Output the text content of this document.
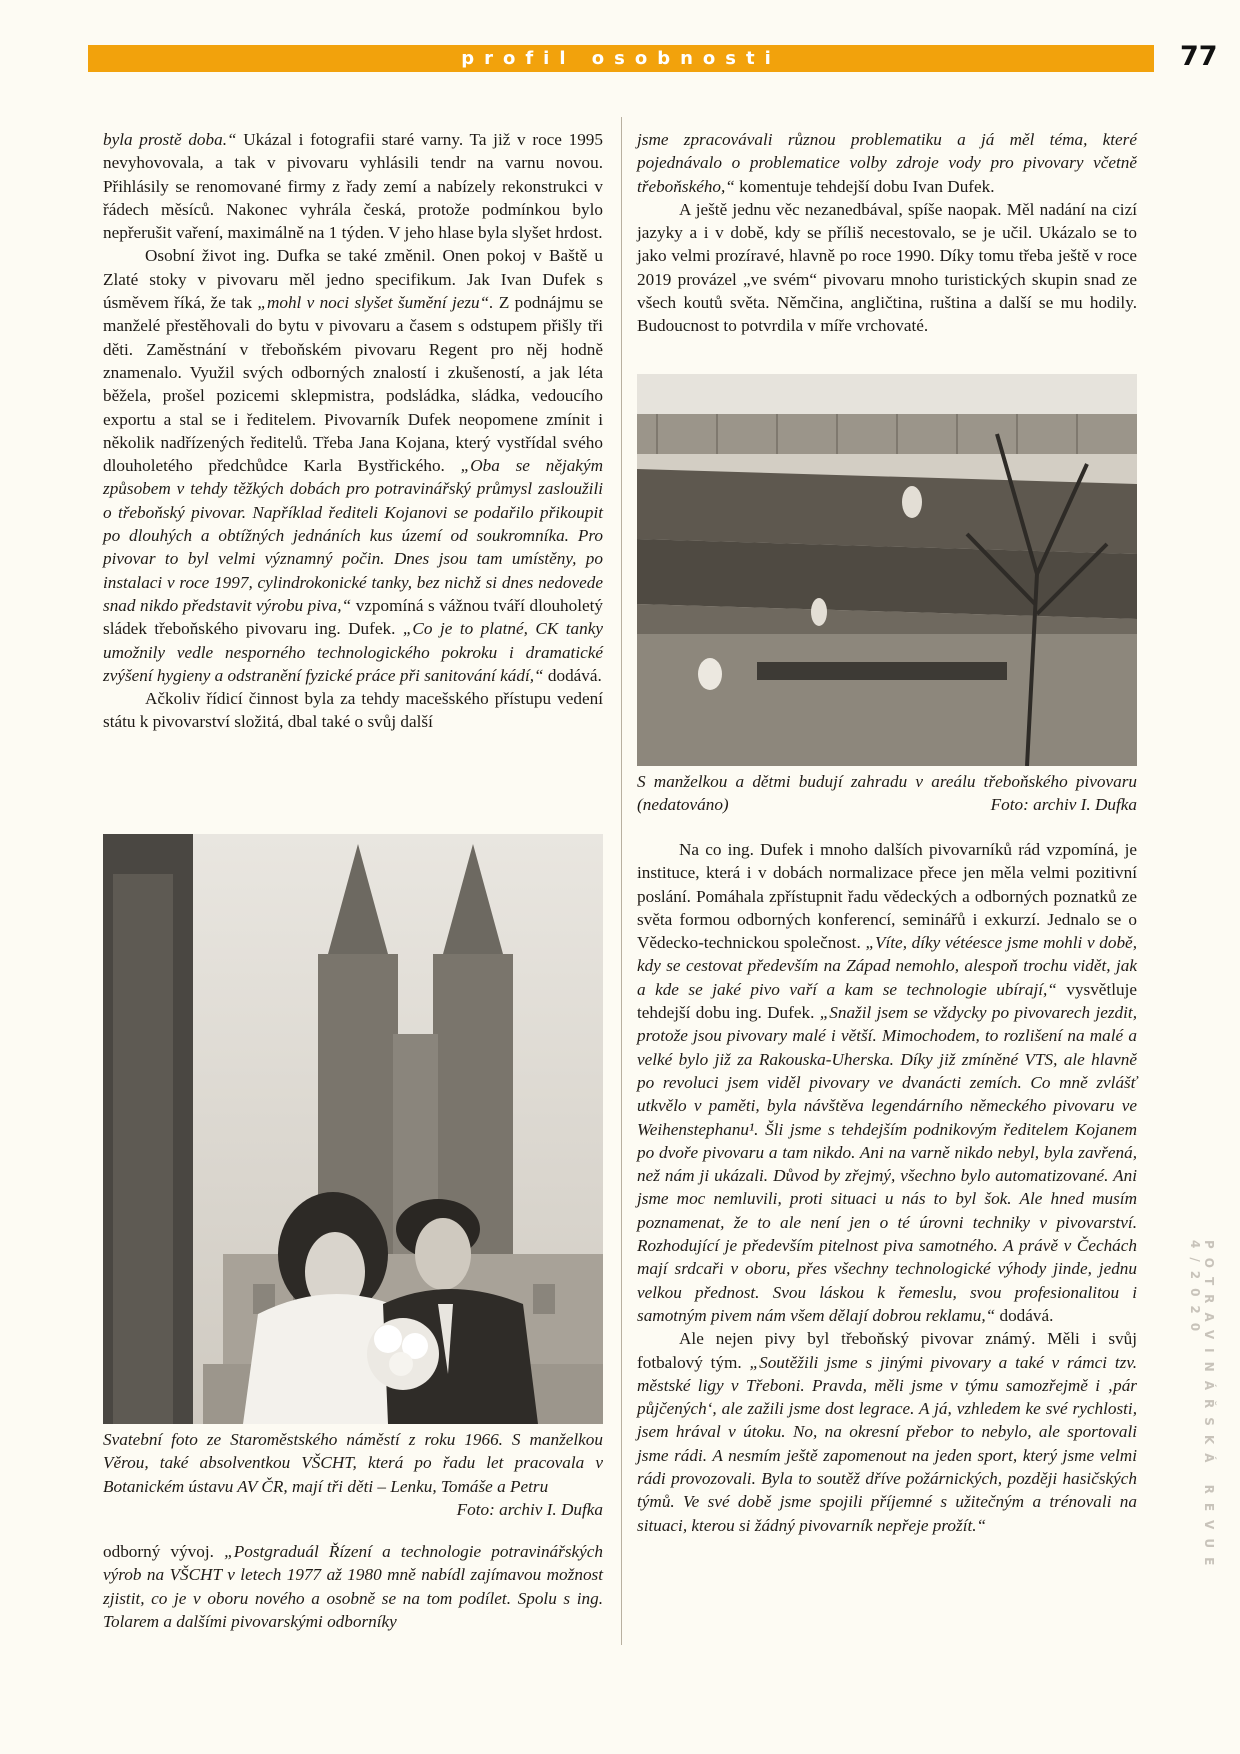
profil osobnosti	77
POTRAVINÁŘSKÁ REVUE 4/2020

byla prostě doba.“ Ukázal i fotografii staré varny. Ta již v roce 1995 nevyhovovala, a tak v pivovaru vyhlásili tendr na varnu novou. Přihlásily se renomované firmy z řady zemí a nabízely rekonstrukci v řádech měsíců. Nakonec vyhrála česká, protože podmínkou bylo nepřerušit vaření, maximálně na 1 týden. V jeho hlase byla slyšet hrdost.

Osobní život ing. Dufka se také změnil. Onen pokoj v Baště u Zlaté stoky v pivovaru měl jedno specifikum. Jak Ivan Dufek s úsměvem říká, že tak „mohl v noci slyšet šumění jezu“. Z podnájmu se manželé přestěhovali do bytu v pivovaru a časem s odstupem přišly tři děti. Zaměstnání v třeboňském pivovaru Regent pro něj hodně znamenalo. Využil svých odborných znalostí i zkušeností, a jak léta běžela, prošel pozicemi sklepmistra, podsládka, sládka, vedoucího exportu a stal se i ředitelem. Pivovarník Dufek neopomene zmínit i několik nadřízených ředitelů. Třeba Jana Kojana, který vystřídal svého dlouholetého předchůdce Karla Bystřického. „Oba se nějakým způsobem v tehdy těžkých dobách pro potravinářský průmysl zasloužili o třeboňský pivovar. Například řediteli Kojanovi se podařilo přikoupit po dlouhých a obtížných jednáních kus území od soukromníka. Pro pivovar to byl velmi významný počin. Dnes jsou tam umístěny, po instalaci v roce 1997, cylindrokonické tanky, bez nichž si dnes nedovede snad nikdo představit výrobu piva,“ vzpomíná s vážnou tváří dlouholetý sládek třeboňského pivovaru ing. Dufek. „Co je to platné, CK tanky umožnily vedle nesporného technologického pokroku i dramatické zvýšení hygieny a odstranění fyzické práce při sanitování kádí,“ dodává.

Ačkoliv řídicí činnost byla za tehdy macešského přístupu vedení státu k pivovarství složitá, dbal také o svůj další

Svatební foto ze Staroměstského náměstí z roku 1966. S manželkou Věrou, také absolventkou VŠCHT, která po řadu let pracovala v Botanickém ústavu AV ČR, mají tři děti – Lenku, Tomáše a Petru
Foto: archiv I. Dufka

odborný vývoj. „Postgraduál Řízení a technologie potravinářských výrob na VŠCHT v letech 1977 až 1980 mně nabídl zajímavou možnost zjistit, co je v oboru nového a osobně se na tom podílet. Spolu s ing. Tolarem a dalšími pivovarskými odborníky

jsme zpracovávali různou problematiku a já měl téma, které pojednávalo o problematice volby zdroje vody pro pivovary včetně třeboňského,“ komentuje tehdejší dobu Ivan Dufek.

A ještě jednu věc nezanedbával, spíše naopak. Měl nadání na cizí jazyky a i v době, kdy se příliš necestovalo, se je učil. Ukázalo se to jako velmi prozíravé, hlavně po roce 1990. Díky tomu třeba ještě v roce 2019 provázel „ve svém“ pivovaru mnoho turistických skupin snad ze všech koutů světa. Němčina, angličtina, ruština a další se mu hodily. Budoucnost to potvrdila v míře vrchovaté.

S manželkou a dětmi budují zahradu v areálu třeboňského pivovaru (nedatováno)	Foto: archiv I. Dufka

Na co ing. Dufek i mnoho dalších pivovarníků rád vzpomíná, je instituce, která i v dobách normalizace přece jen měla velmi pozitivní poslání. Pomáhala zpřístupnit řadu vědeckých a odborných poznatků ze světa formou odborných konferencí, seminářů i exkurzí. Jednalo se o Vědecko-technickou společnost. „Víte, díky vétéesce jsme mohli v době, kdy se cestovat především na Západ nemohlo, alespoň trochu vidět, jak a kde se jaké pivo vaří a kam se technologie ubírají,“ vysvětluje tehdejší dobu ing. Dufek. „Snažil jsem se vždycky po pivovarech jezdit, protože jsou pivovary malé i větší. Mimochodem, to rozlišení na malé a velké bylo již za Rakouska-Uherska. Díky již zmíněné VTS, ale hlavně po revoluci jsem viděl pivovary ve dvanácti zemích. Co mně zvlášť utkvělo v paměti, byla návštěva legendárního německého pivovaru ve Weihenstephanu¹. Šli jsme s tehdejším podnikovým ředitelem Kojanem po dvoře pivovaru a tam nikdo. Ani na varně nikdo nebyl, byla zavřená, než nám ji ukázali. Důvod by zřejmý, všechno bylo automatizované. Ani jsme moc nemluvili, proti situaci u nás to byl šok. Ale hned musím poznamenat, že to ale není jen o té úrovni techniky v pivovarství. Rozhodující je především pitelnost piva samotného. A právě v Čechách mají srdcaři v oboru, přes všechny technologické výhody jinde, jednu velkou přednost. Svou láskou k řemeslu, svou profesionalitou i samotným pivem nám všem dělají dobrou reklamu,“ dodává.

Ale nejen pivy byl třeboňský pivovar známý. Měli i svůj fotbalový tým. „Soutěžili jsme s jinými pivovary a také v rámci tzv. městské ligy v Třeboni. Pravda, měli jsme v týmu samozřejmě i ‚pár půjčených‘, ale zažili jsme dost legrace. A já, vzhledem ke své rychlosti, jsem hrával v útoku. No, na okresní přebor to nebylo, ale sportovali jsme rádi. A nesmím ještě zapomenout na jeden sport, který jsme velmi rádi provozovali. Byla to soutěž dříve požárnických, později hasičských týmů. Ve své době jsme spojili příjemné s užitečným a trénovali na situaci, kterou si žádný pivovarník nepřeje prožít.“
